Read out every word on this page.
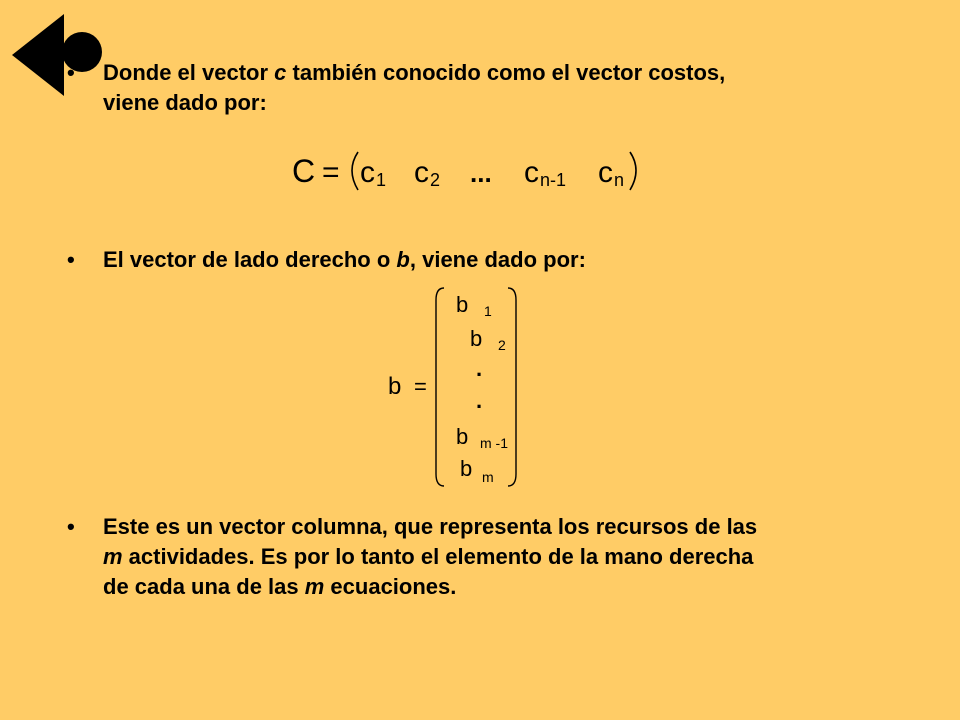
• Donde el vector c también conocido como el vector costos,
viene dado por:
C = c 1 c 2 ... c n-1 c n
• El vector de lado derecho o b, viene dado por:
b =
b 1
b 2
.
.
b m -1
b m
• Este es un vector columna, que representa los recursos de las
m actividades. Es por lo tanto el elemento de la mano derecha
de cada una de las m ecuaciones.
